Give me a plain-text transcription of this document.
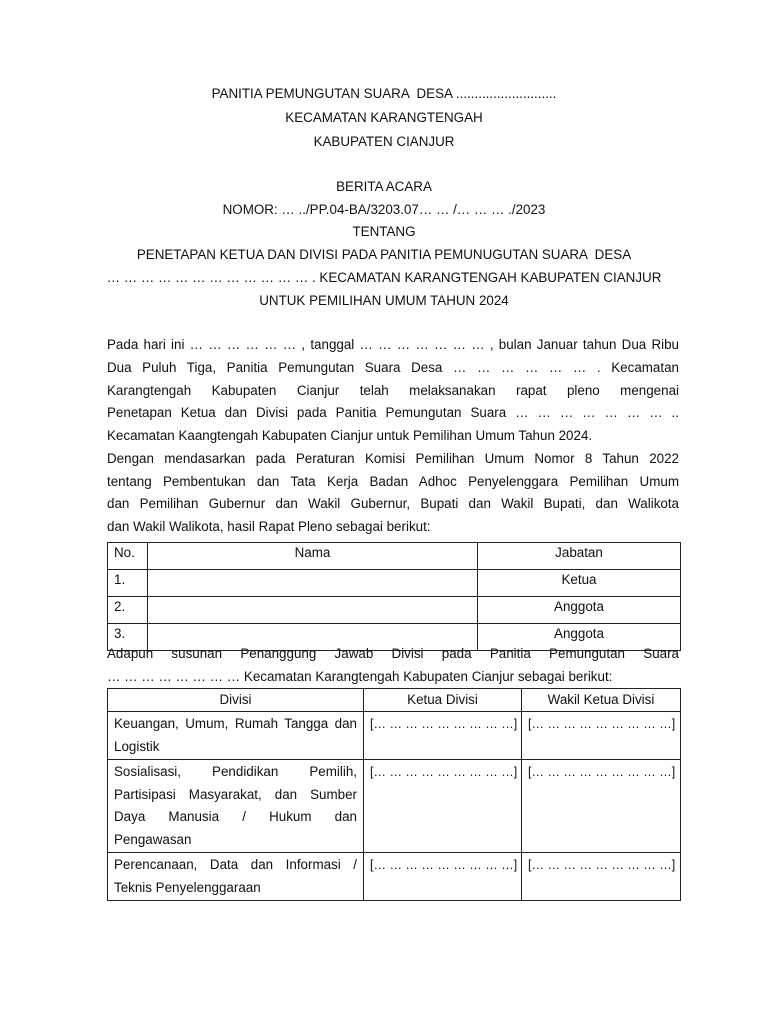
PANITIA PEMUNGUTAN SUARA  DESA ...........................
KECAMATAN KARANGTENGAH
KABUPATEN CIANJUR
BERITA ACARA
NOMOR: … ../PP.04-BA/3203.07… … /… … … ./2023
TENTANG
PENETAPAN KETUA DAN DIVISI PADA PANITIA PEMUNUGUTAN SUARA  DESA
… … … … … … … … … … … … . KECAMATAN KARANGTENGAH KABUPATEN CIANJUR
UNTUK PEMILIHAN UMUM TAHUN 2024
Pada hari ini … … … … … … , tanggal … … … … … … … , bulan Januar tahun Dua Ribu
Dua Puluh Tiga, Panitia Pemungutan Suara Desa … … … … … … . Kecamatan
Karangtengah Kabupaten Cianjur telah melaksanakan rapat pleno mengenai
Penetapan Ketua dan Divisi pada Panitia Pemungutan Suara … … … … … … … ..
Kecamatan Kaangtengah Kabupaten Cianjur untuk Pemilihan Umum Tahun 2024.
Dengan mendasarkan pada Peraturan Komisi Pemilihan Umum Nomor 8 Tahun 2022
tentang Pembentukan dan Tata Kerja Badan Adhoc Penyelenggara Pemilihan Umum
dan Pemilihan Gubernur dan Wakil Gubernur, Bupati dan Wakil Bupati, dan Walikota
dan Wakil Walikota, hasil Rapat Pleno sebagai berikut:
No.	Nama	Jabatan
1.		Ketua
2.		Anggota
3.		Anggota
Adapun susunan Penanggung Jawab Divisi pada Panitia Pemungutan Suara
… … … … … … … … Kecamatan Karangtengah Kabupaten Cianjur sebagai berikut:
Divisi	Ketua Divisi	Wakil Ketua Divisi
Keuangan, Umum, Rumah Tangga dan Logistik	[… … … … … … … … …]	[… … … … … … … … …]
Sosialisasi, Pendidikan Pemilih, Partisipasi Masyarakat, dan Sumber Daya Manusia / Hukum dan Pengawasan	[… … … … … … … … …]	[… … … … … … … … …]
Perencanaan, Data dan Informasi / Teknis Penyelenggaraan	[… … … … … … … … …]	[… … … … … … … … …]
